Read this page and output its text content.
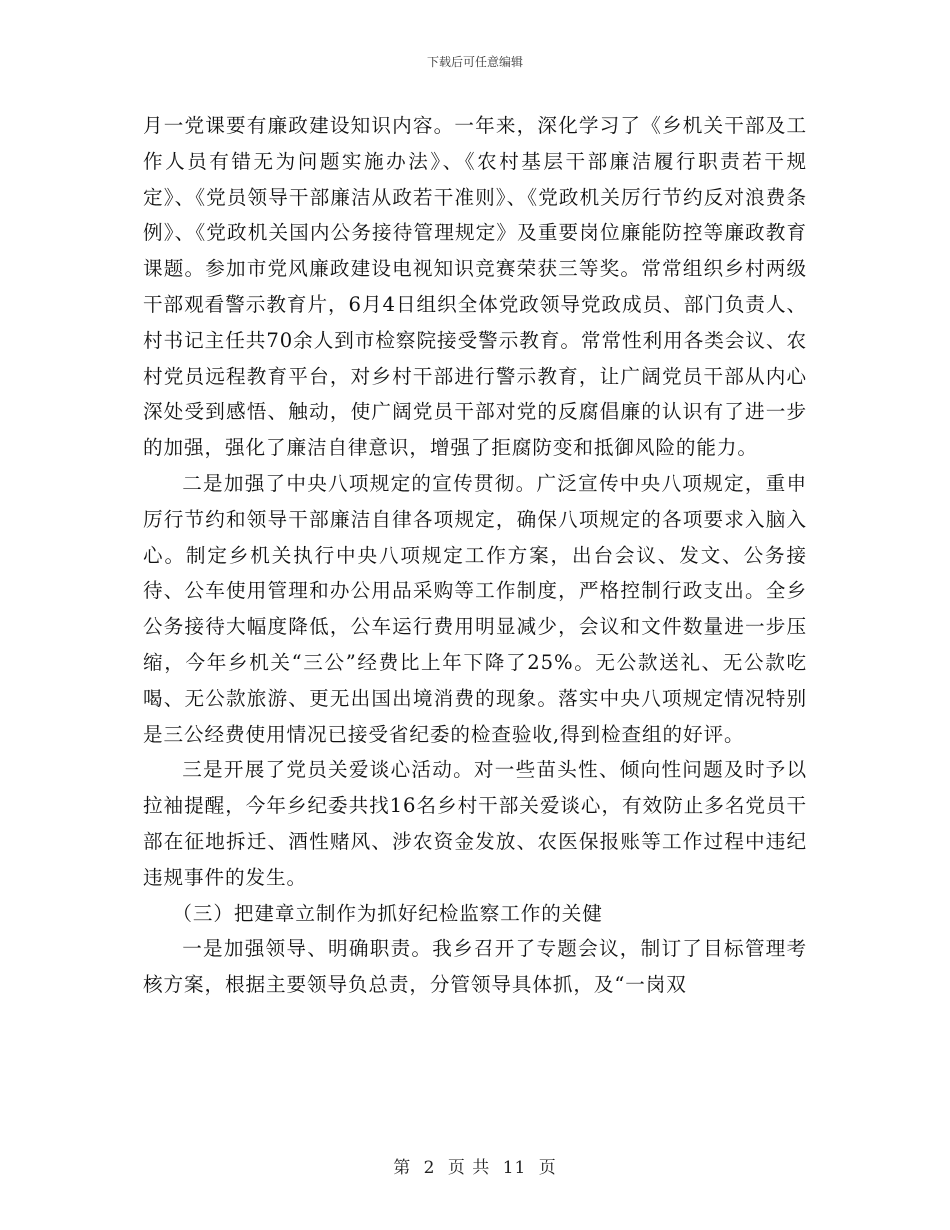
下载后可任意编辑

月一党课要有廉政建设知识内容。一年来，深化学习了《乡机关干部及工作人员有错无为问题实施办法》、《农村基层干部廉洁履行职责若干规定》、《党员领导干部廉洁从政若干准则》、《党政机关厉行节约反对浪费条例》、《党政机关国内公务接待管理规定》及重要岗位廉能防控等廉政教育课题。参加市党风廉政建设电视知识竞赛荣获三等奖。常常组织乡村两级干部观看警示教育片，6月4日组织全体党政领导党政成员、部门负责人、村书记主任共70余人到市检察院接受警示教育。常常性利用各类会议、农村党员远程教育平台，对乡村干部进行警示教育，让广阔党员干部从内心深处受到感悟、触动，使广阔党员干部对党的反腐倡廉的认识有了进一步的加强，强化了廉洁自律意识，增强了拒腐防变和抵御风险的能力。

二是加强了中央八项规定的宣传贯彻。广泛宣传中央八项规定，重申厉行节约和领导干部廉洁自律各项规定，确保八项规定的各项要求入脑入心。制定乡机关执行中央八项规定工作方案，出台会议、发文、公务接待、公车使用管理和办公用品采购等工作制度，严格控制行政支出。全乡公务接待大幅度降低，公车运行费用明显减少，会议和文件数量进一步压缩，今年乡机关“三公”经费比上年下降了25%。无公款送礼、无公款吃喝、无公款旅游、更无出国出境消费的现象。落实中央八项规定情况特别是三公经费使用情况已接受省纪委的检查验收,得到检查组的好评。

三是开展了党员关爱谈心活动。对一些苗头性、倾向性问题及时予以拉袖提醒，今年乡纪委共找16名乡村干部关爱谈心，有效防止多名党员干部在征地拆迁、酒性赌风、涉农资金发放、农医保报账等工作过程中违纪违规事件的发生。

（三）把建章立制作为抓好纪检监察工作的关健

一是加强领导、明确职责。我乡召开了专题会议，制订了目标管理考核方案，根据主要领导负总责，分管领导具体抓，及“一岗双

第 2 页 共 11 页
